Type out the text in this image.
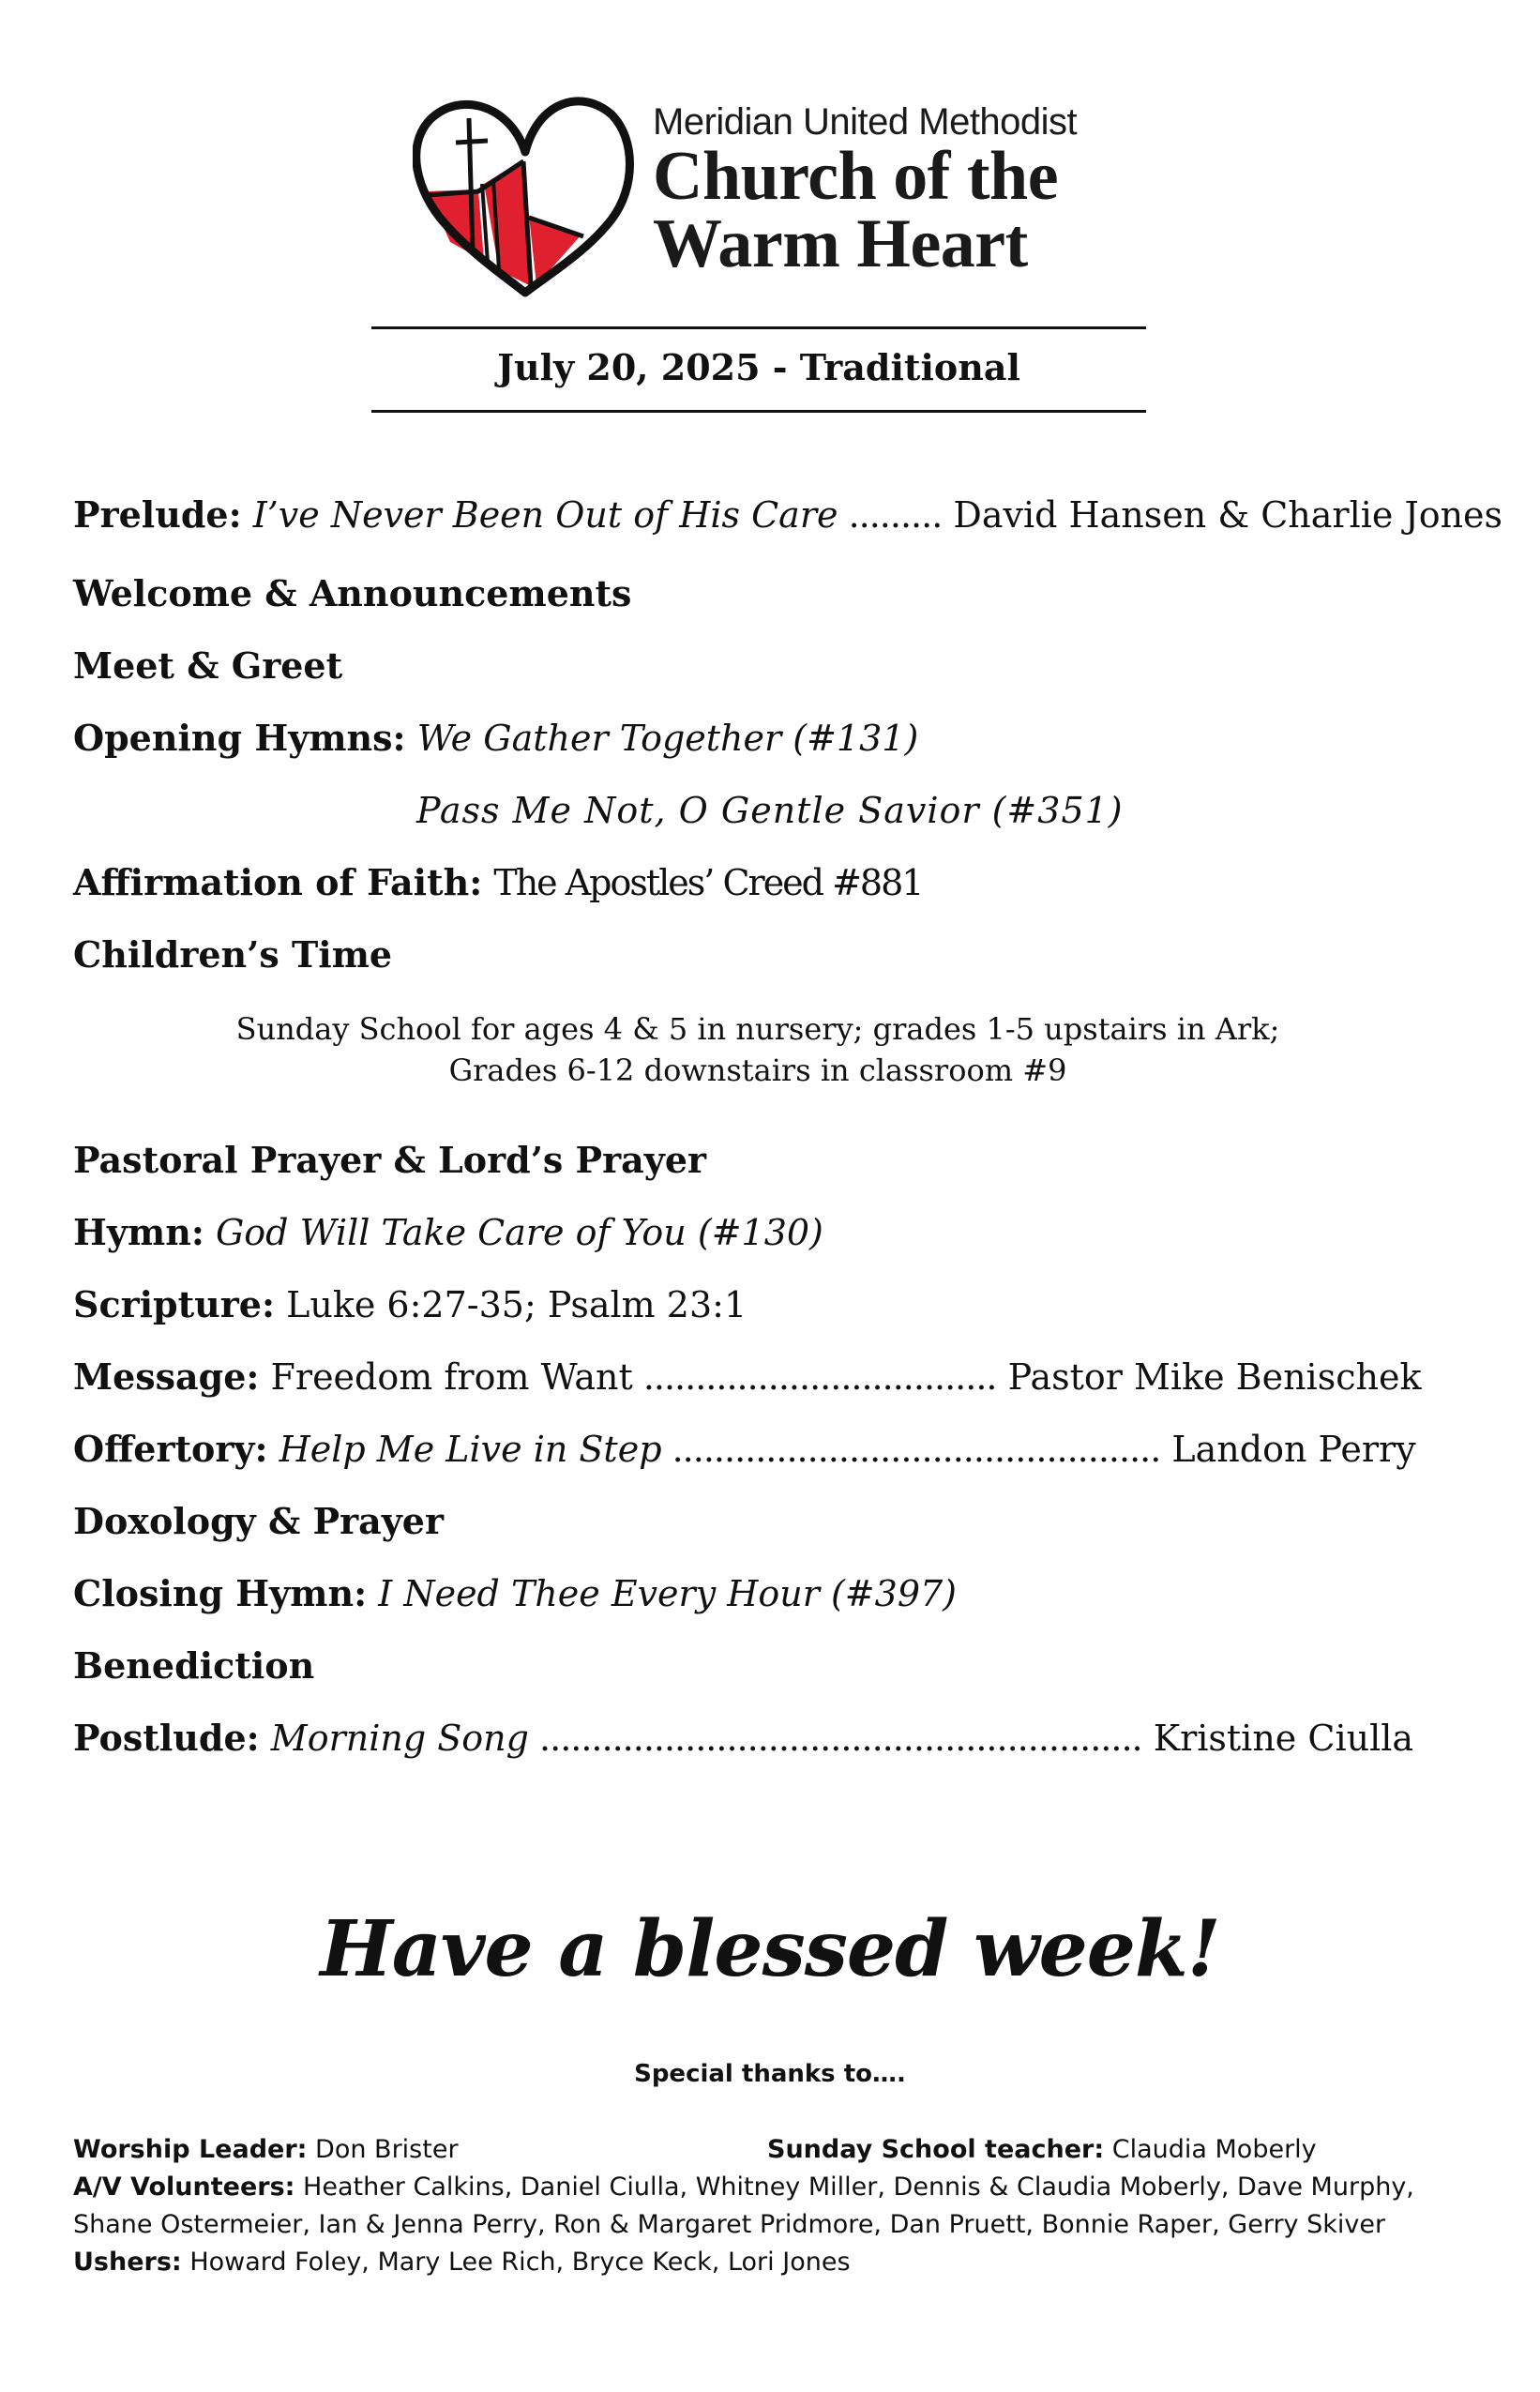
Meridian United Methodist
Church of the
Warm Heart
July 20, 2025 - Traditional
Prelude: I’ve Never Been Out of His Care ......... David Hansen & Charlie Jones
Welcome & Announcements
Meet & Greet
Opening Hymns: We Gather Together (#131)
Pass Me Not, O Gentle Savior (#351)
Affirmation of Faith: The Apostles’ Creed #881
Children’s Time
Sunday School for ages 4 & 5 in nursery; grades 1-5 upstairs in Ark;
Grades 6-12 downstairs in classroom #9
Pastoral Prayer & Lord’s Prayer
Hymn: God Will Take Care of You (#130)
Scripture: Luke 6:27-35; Psalm 23:1
Message: Freedom from Want .................................. Pastor Mike Benischek
Offertory: Help Me Live in Step ............................................... Landon Perry
Doxology & Prayer
Closing Hymn: I Need Thee Every Hour (#397)
Benediction
Postlude: Morning Song .......................................................... Kristine Ciulla
Have a blessed week!
Special thanks to….
Worship Leader: Don Brister	Sunday School teacher: Claudia Moberly
A/V Volunteers: Heather Calkins, Daniel Ciulla, Whitney Miller, Dennis & Claudia Moberly, Dave Murphy,
Shane Ostermeier, Ian & Jenna Perry, Ron & Margaret Pridmore, Dan Pruett, Bonnie Raper, Gerry Skiver
Ushers: Howard Foley, Mary Lee Rich, Bryce Keck, Lori Jones
